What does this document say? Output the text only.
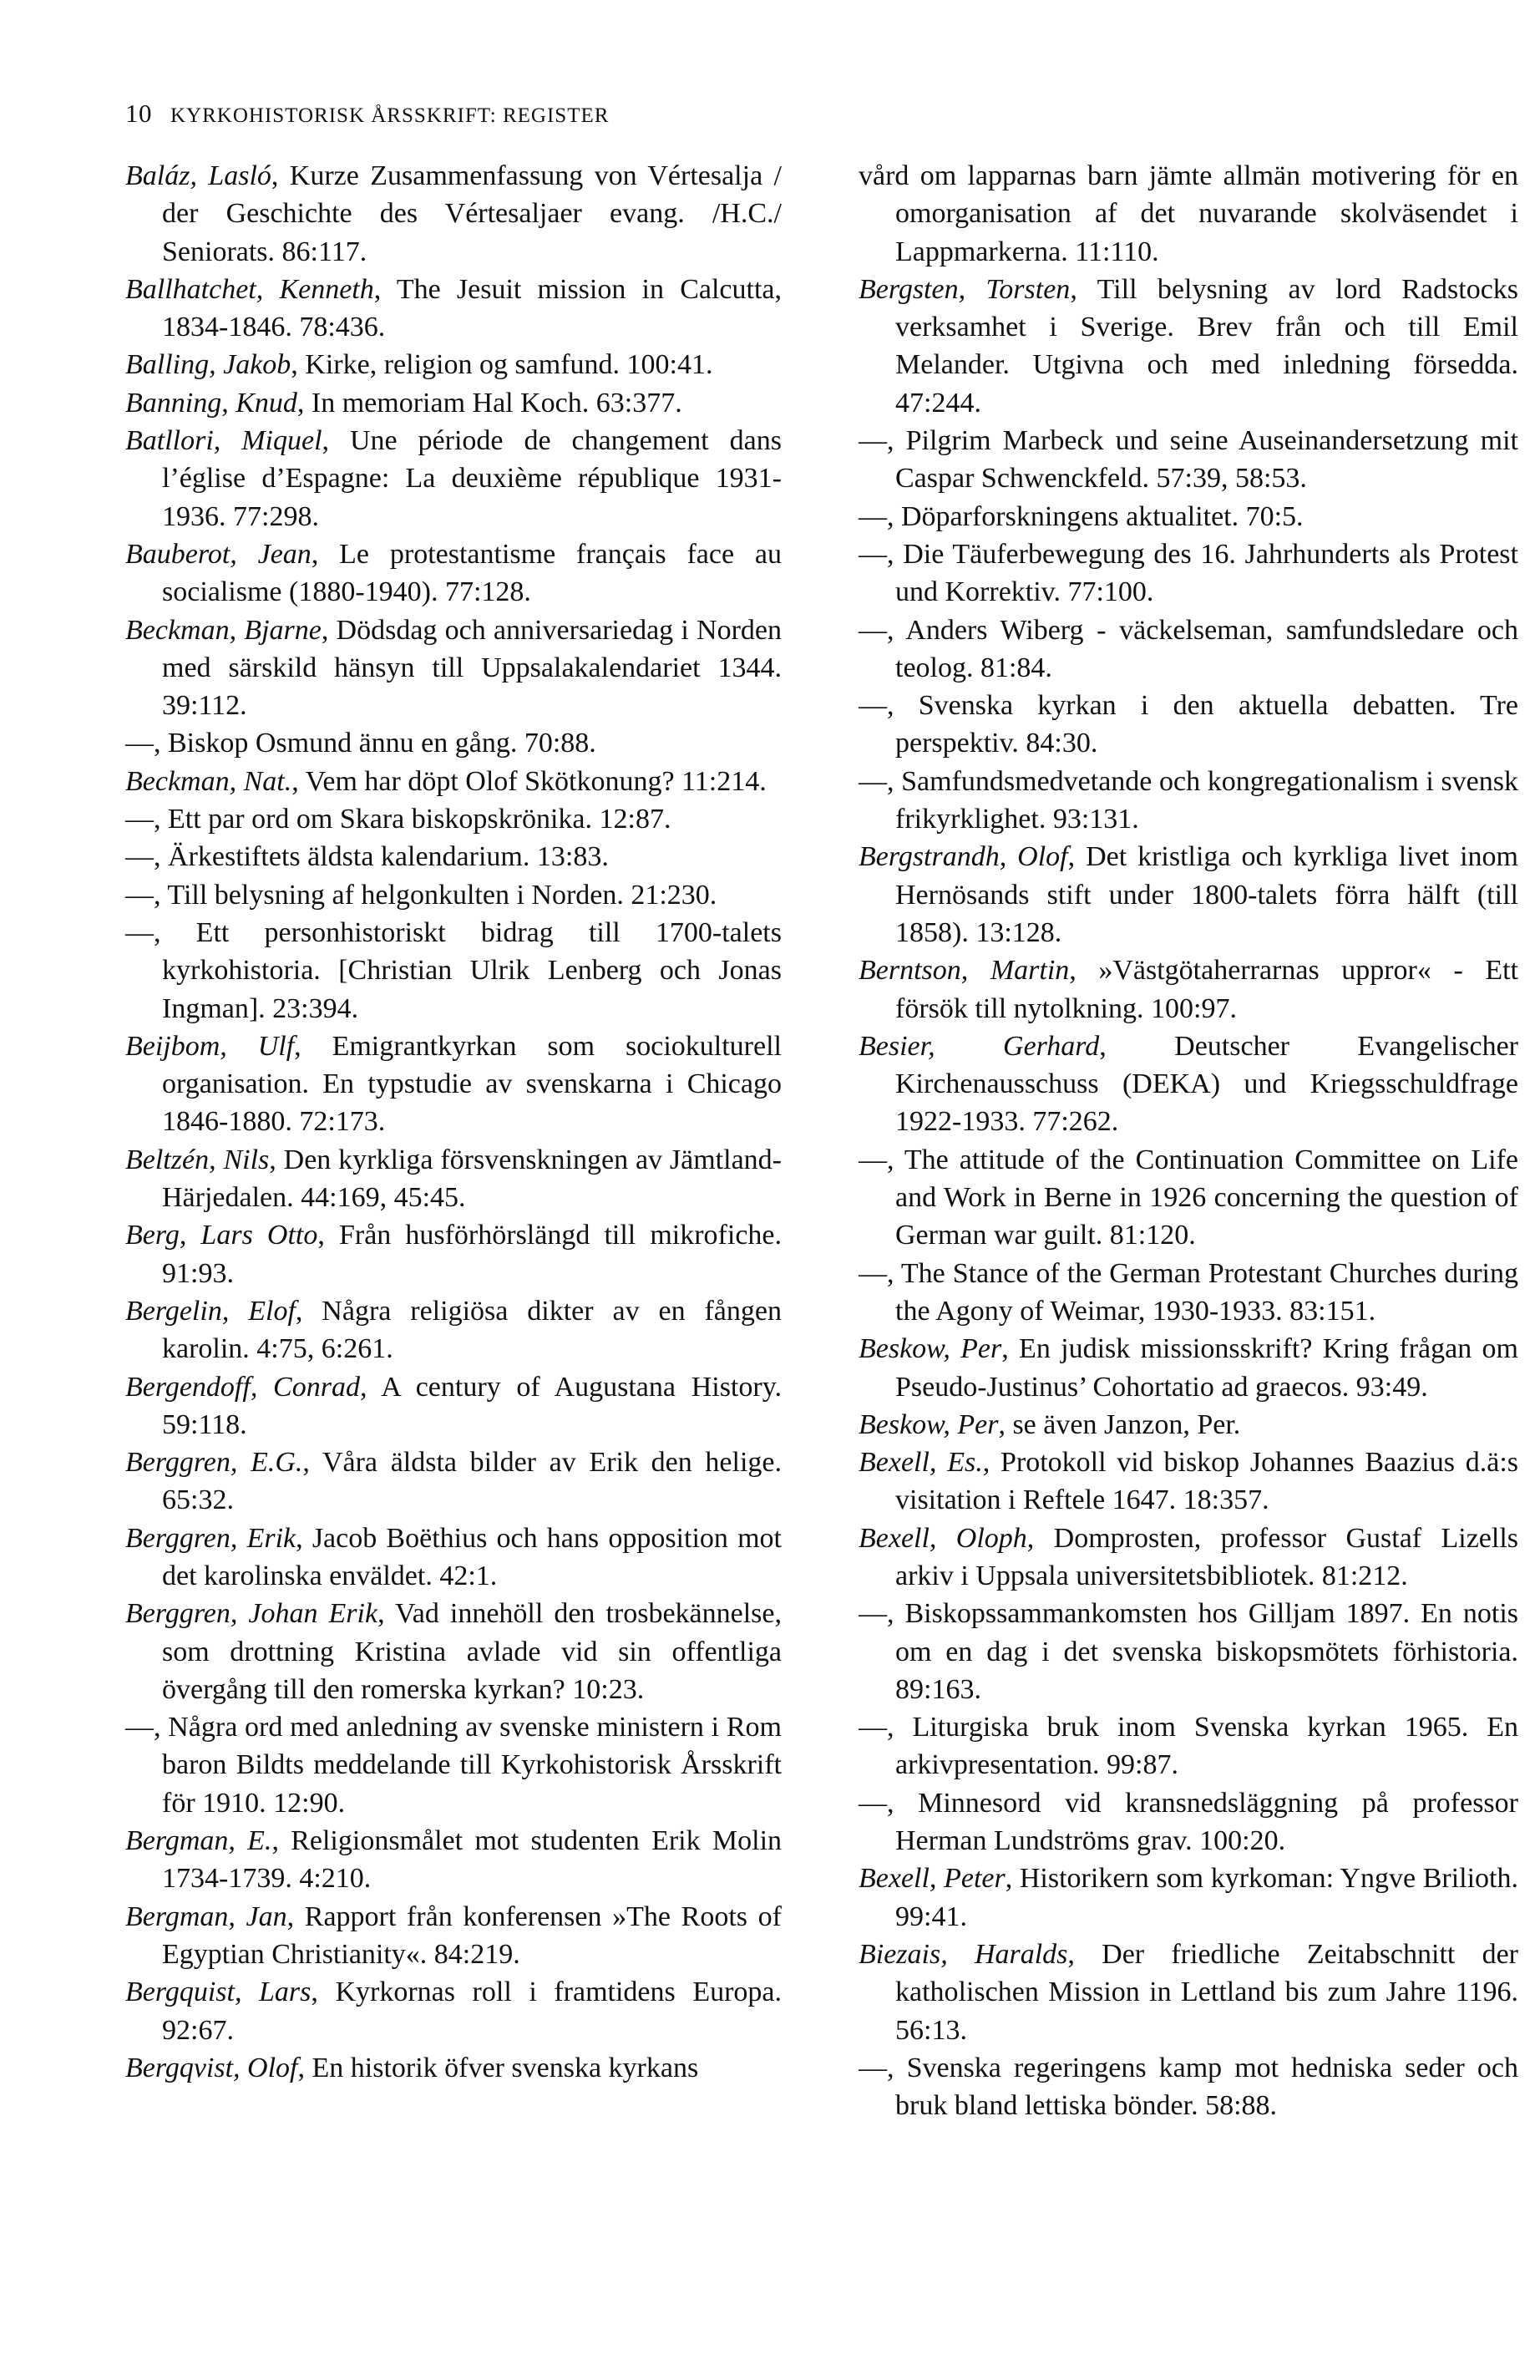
10 KYRKOHISTORISK ÅRSSKRIFT: REGISTER

Baláz, Lasló, Kurze Zusammenfassung von Vértesalja / der Geschichte des Vértesaljaer evang. /H.C./ Seniorats. 86:117.

Ballhatchet, Kenneth, The Jesuit mission in Calcutta, 1834-1846. 78:436.

Balling, Jakob, Kirke, religion og samfund. 100:41.

Banning, Knud, In memoriam Hal Koch. 63:377.

Batllori, Miquel, Une période de changement dans l’église d’Espagne: La deuxième république 1931-1936. 77:298.

Bauberot, Jean, Le protestantisme français face au socialisme (1880-1940). 77:128.

Beckman, Bjarne, Dödsdag och anniversariedag i Norden med särskild hänsyn till Uppsalakalendariet 1344. 39:112.

—, Biskop Osmund ännu en gång. 70:88.

Beckman, Nat., Vem har döpt Olof Skötkonung? 11:214.

—, Ett par ord om Skara biskopskrönika. 12:87.

—, Ärkestiftets äldsta kalendarium. 13:83.

—, Till belysning af helgonkulten i Norden. 21:230.

—, Ett personhistoriskt bidrag till 1700-talets kyrkohistoria. [Christian Ulrik Lenberg och Jonas Ingman]. 23:394.

Beijbom, Ulf, Emigrantkyrkan som sociokulturell organisation. En typstudie av svenskarna i Chicago 1846-1880. 72:173.

Beltzén, Nils, Den kyrkliga försvenskningen av Jämtland-Härjedalen. 44:169, 45:45.

Berg, Lars Otto, Från husförhörslängd till mikrofiche. 91:93.

Bergelin, Elof, Några religiösa dikter av en fången karolin. 4:75, 6:261.

Bergendoff, Conrad, A century of Augustana History. 59:118.

Berggren, E.G., Våra äldsta bilder av Erik den helige. 65:32.

Berggren, Erik, Jacob Boëthius och hans opposition mot det karolinska enväldet. 42:1.

Berggren, Johan Erik, Vad innehöll den trosbekännelse, som drottning Kristina avlade vid sin offentliga övergång till den romerska kyrkan? 10:23.

—, Några ord med anledning av svenske ministern i Rom baron Bildts meddelande till Kyrkohistorisk Årsskrift för 1910. 12:90.

Bergman, E., Religionsmålet mot studenten Erik Molin 1734-1739. 4:210.

Bergman, Jan, Rapport från konferensen »The Roots of Egyptian Christianity«. 84:219.

Bergquist, Lars, Kyrkornas roll i framtidens Europa. 92:67.

Bergqvist, Olof, En historik öfver svenska kyrkans

vård om lapparnas barn jämte allmän motivering för en omorganisation af det nuvarande skolväsendet i Lappmarkerna. 11:110.

Bergsten, Torsten, Till belysning av lord Radstocks verksamhet i Sverige. Brev från och till Emil Melander. Utgivna och med inledning försedda. 47:244.

—, Pilgrim Marbeck und seine Auseinandersetzung mit Caspar Schwenckfeld. 57:39, 58:53.

—, Döparforskningens aktualitet. 70:5.

—, Die Täuferbewegung des 16. Jahrhunderts als Protest und Korrektiv. 77:100.

—, Anders Wiberg - väckelseman, samfundsledare och teolog. 81:84.

—, Svenska kyrkan i den aktuella debatten. Tre perspektiv. 84:30.

—, Samfundsmedvetande och kongregationalism i svensk frikyrklighet. 93:131.

Bergstrandh, Olof, Det kristliga och kyrkliga livet inom Hernösands stift under 1800-talets förra hälft (till 1858). 13:128.

Berntson, Martin, »Västgötaherrarnas uppror« - Ett försök till nytolkning. 100:97.

Besier, Gerhard, Deutscher Evangelischer Kirchenausschuss (DEKA) und Kriegsschuldfrage 1922-1933. 77:262.

—, The attitude of the Continuation Committee on Life and Work in Berne in 1926 concerning the question of German war guilt. 81:120.

—, The Stance of the German Protestant Churches during the Agony of Weimar, 1930-1933. 83:151.

Beskow, Per, En judisk missionsskrift? Kring frågan om Pseudo-Justinus’ Cohortatio ad graecos. 93:49.

Beskow, Per, se även Janzon, Per.

Bexell, Es., Protokoll vid biskop Johannes Baazius d.ä:s visitation i Reftele 1647. 18:357.

Bexell, Oloph, Domprosten, professor Gustaf Lizells arkiv i Uppsala universitetsbibliotek. 81:212.

—, Biskopssammankomsten hos Gilljam 1897. En notis om en dag i det svenska biskopsmötets förhistoria. 89:163.

—, Liturgiska bruk inom Svenska kyrkan 1965. En arkivpresentation. 99:87.

—, Minnesord vid kransnedsläggning på professor Herman Lundströms grav. 100:20.

Bexell, Peter, Historikern som kyrkoman: Yngve Brilioth. 99:41.

Biezais, Haralds, Der friedliche Zeitabschnitt der katholischen Mission in Lettland bis zum Jahre 1196. 56:13.

—, Svenska regeringens kamp mot hedniska seder och bruk bland lettiska bönder. 58:88.
